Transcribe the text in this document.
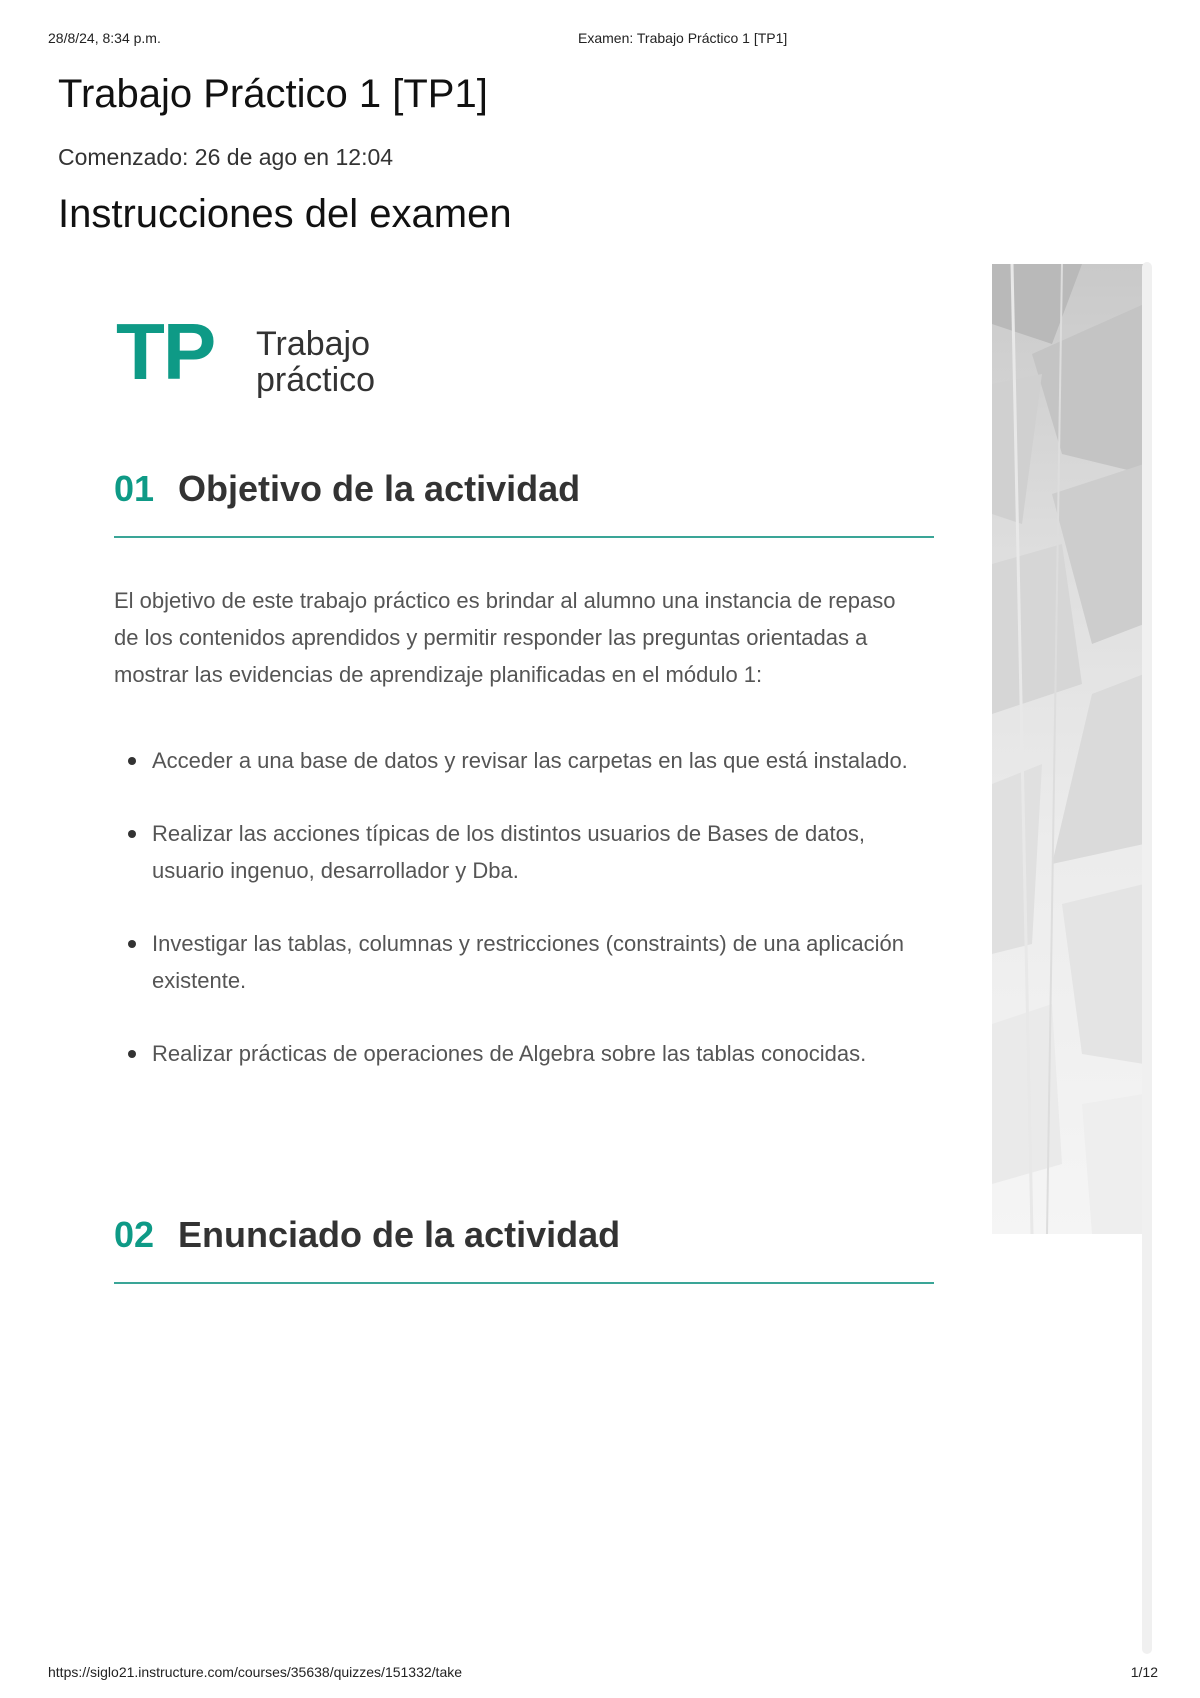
28/8/24, 8:34 p.m.	Examen: Trabajo Práctico 1 [TP1]
Trabajo Práctico 1 [TP1]
Comenzado: 26 de ago en 12:04
Instrucciones del examen
TP Trabajo
práctico
01 Objetivo de la actividad

El objetivo de este trabajo práctico es brindar al alumno una instancia de repaso de los contenidos aprendidos y permitir responder las preguntas orientadas a mostrar las evidencias de aprendizaje planificadas en el módulo 1:

Acceder a una base de datos y revisar las carpetas en las que está instalado.
Realizar las acciones típicas de los distintos usuarios de Bases de datos, usuario ingenuo, desarrollador y Dba.
Investigar las tablas, columnas y restricciones (constraints) de una aplicación existente.
Realizar prácticas de operaciones de Algebra sobre las tablas conocidas.
02 Enunciado de la actividad
https://siglo21.instructure.com/courses/35638/quizzes/151332/take	1/12
